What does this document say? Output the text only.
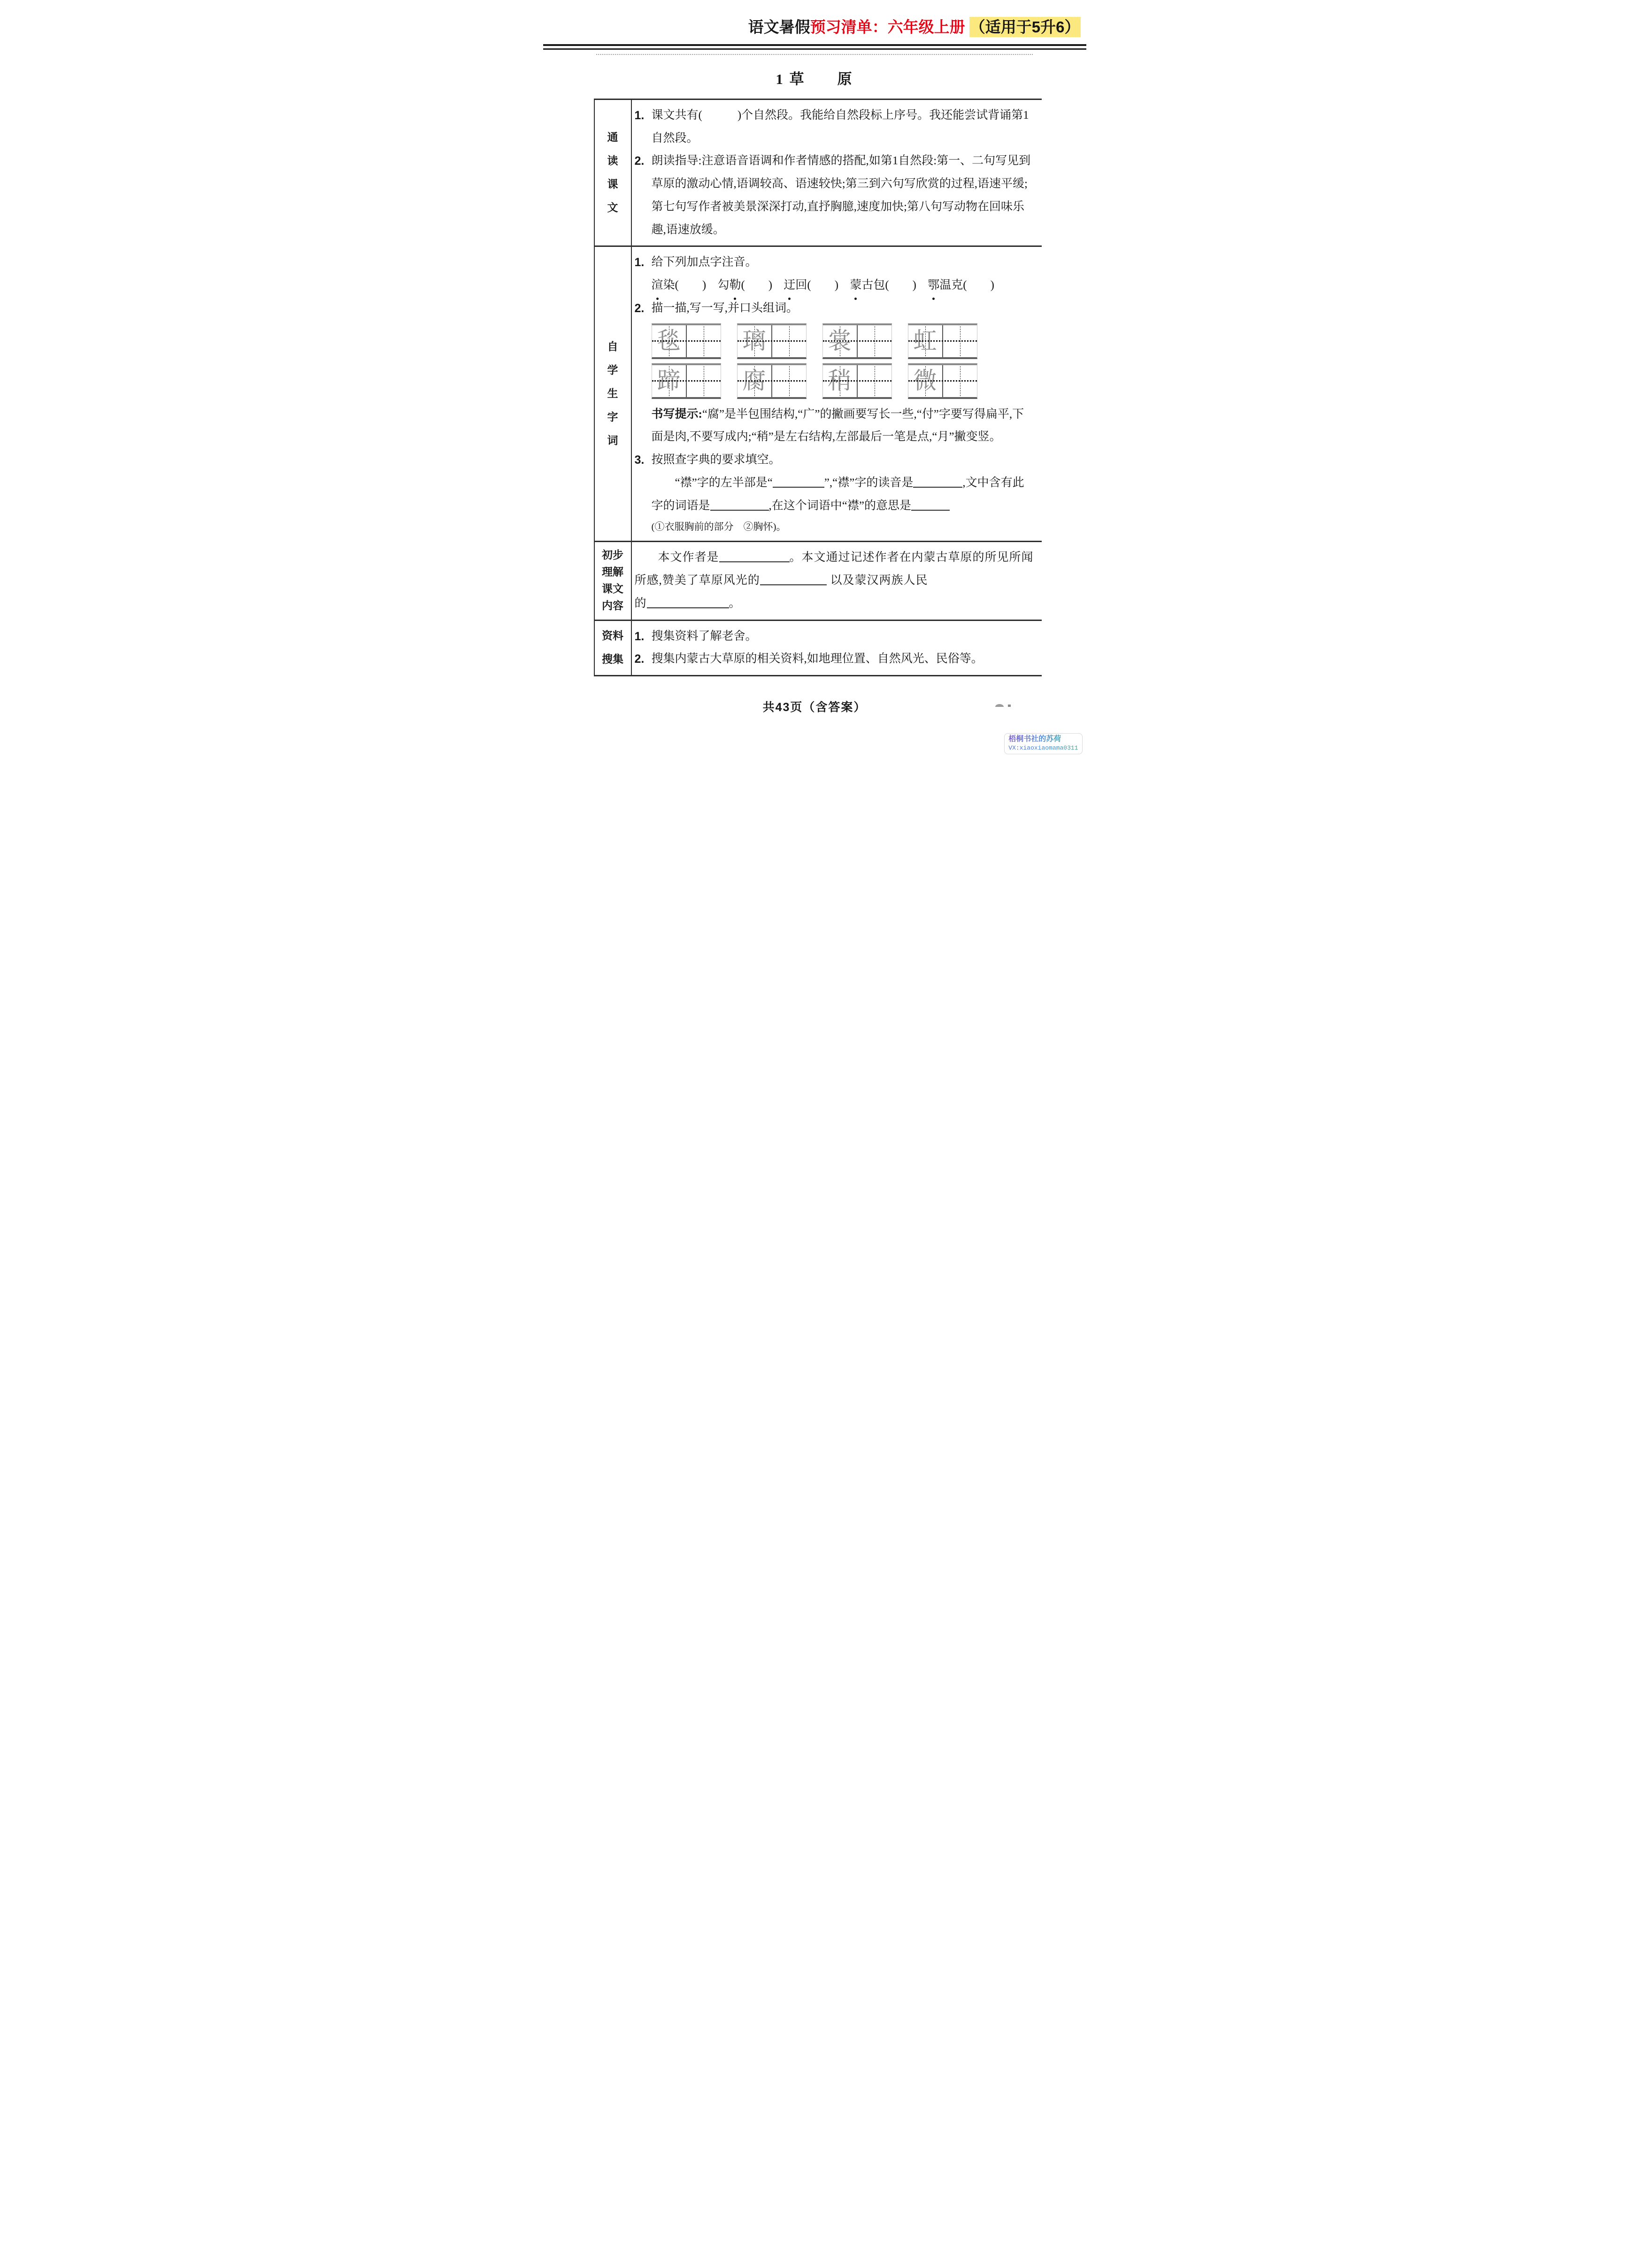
语文暑假预习清单：六年级上册 （适用于5升6）
1 草　　原
通
读
课
文
1. 课文共有(　　　)个自然段。我能给自然段标上序号。我还能尝试背诵第1自然段。
2. 朗读指导:注意语音语调和作者情感的搭配,如第1自然段:第一、二句写见到草原的激动心情,语调较高、语速较快;第三到六句写欣赏的过程,语速平缓;第七句写作者被美景深深打动,直抒胸臆,速度加快;第八句写动物在回味乐趣,语速放缓。
自
学
生
字
词
1. 给下列加点字注音。
渲染(　　) 勾勒(　　) 迂回(　　) 蒙古包(　　) 鄂温克(　　)
2. 描一描,写一写,并口头组词。
毯	璃	裳	虹
蹄	腐	稍	微
书写提示:“腐”是半包围结构,“广”的撇画要写长一些,“付”字要写得扁平,下面是肉,不要写成内;“稍”是左右结构,左部最后一笔是点,“月”撇变竖。
3. 按照查字典的要求填空。
“襟”字的左半部是“	”,“襟”字的读音是	,文中含有此字的词语是	,在这个词语中“襟”的意思是
(①衣服胸前的部分　②胸怀)。
初步
理解
课文
内容
本文作者是	。本文通过记述作者在内蒙古草原的所见所闻所感,赞美了草原风光的	以及蒙汉两族人民
的	。
资料
搜集
1. 搜集资料了解老舍。
2. 搜集内蒙古大草原的相关资料,如地理位置、自然风光、民俗等。
共43页（含答案）
梧桐书社的苏荷
VX:xiaoxiaomama0311
